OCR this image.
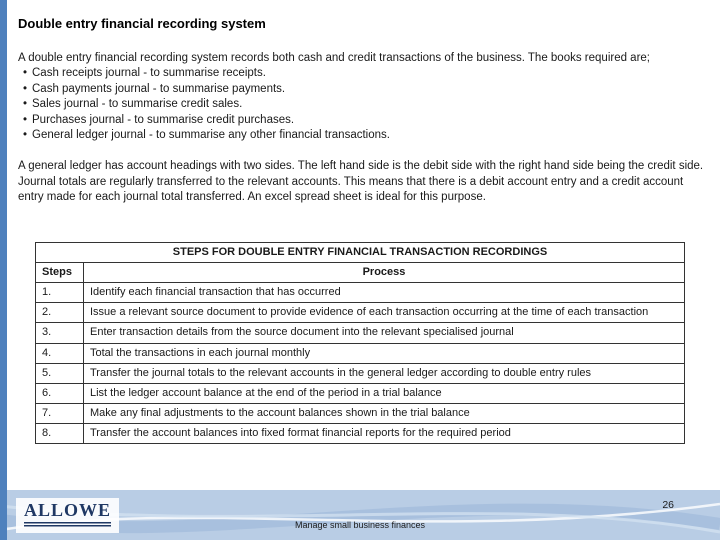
Double entry financial recording system

A double entry financial recording system records both cash and credit transactions of the business. The books required are;

• Cash receipts journal - to summarise receipts.
• Cash payments journal - to summarise payments.
• Sales journal - to summarise credit sales.
• Purchases journal - to summarise credit purchases.
• General ledger journal - to summarise any other financial transactions.

A general ledger has account headings with two sides. The left hand side is the debit side with the right hand side being the credit side. Journal totals are regularly transferred to the relevant accounts. This means that there is a debit account entry and a credit account entry made for each journal total transferred. An excel spread sheet is ideal for this purpose.

STEPS FOR DOUBLE ENTRY FINANCIAL TRANSACTION RECORDINGS	
Steps	Process
1.	Identify each financial transaction that has occurred
2.	Issue a relevant source document to provide evidence of each transaction occurring at the time of each transaction
3.	Enter transaction details from the source document into the relevant specialised journal
4.	Total the transactions in each journal monthly
5.	Transfer the journal totals to the relevant accounts in the general ledger according to double entry rules
6.	List the ledger account balance at the end of the period in a trial balance
7.	Make any final adjustments to the account balances shown in the trial balance
8.	Transfer the account balances into fixed format financial reports for the required period
ALLOWE
Manage small business finances
26
